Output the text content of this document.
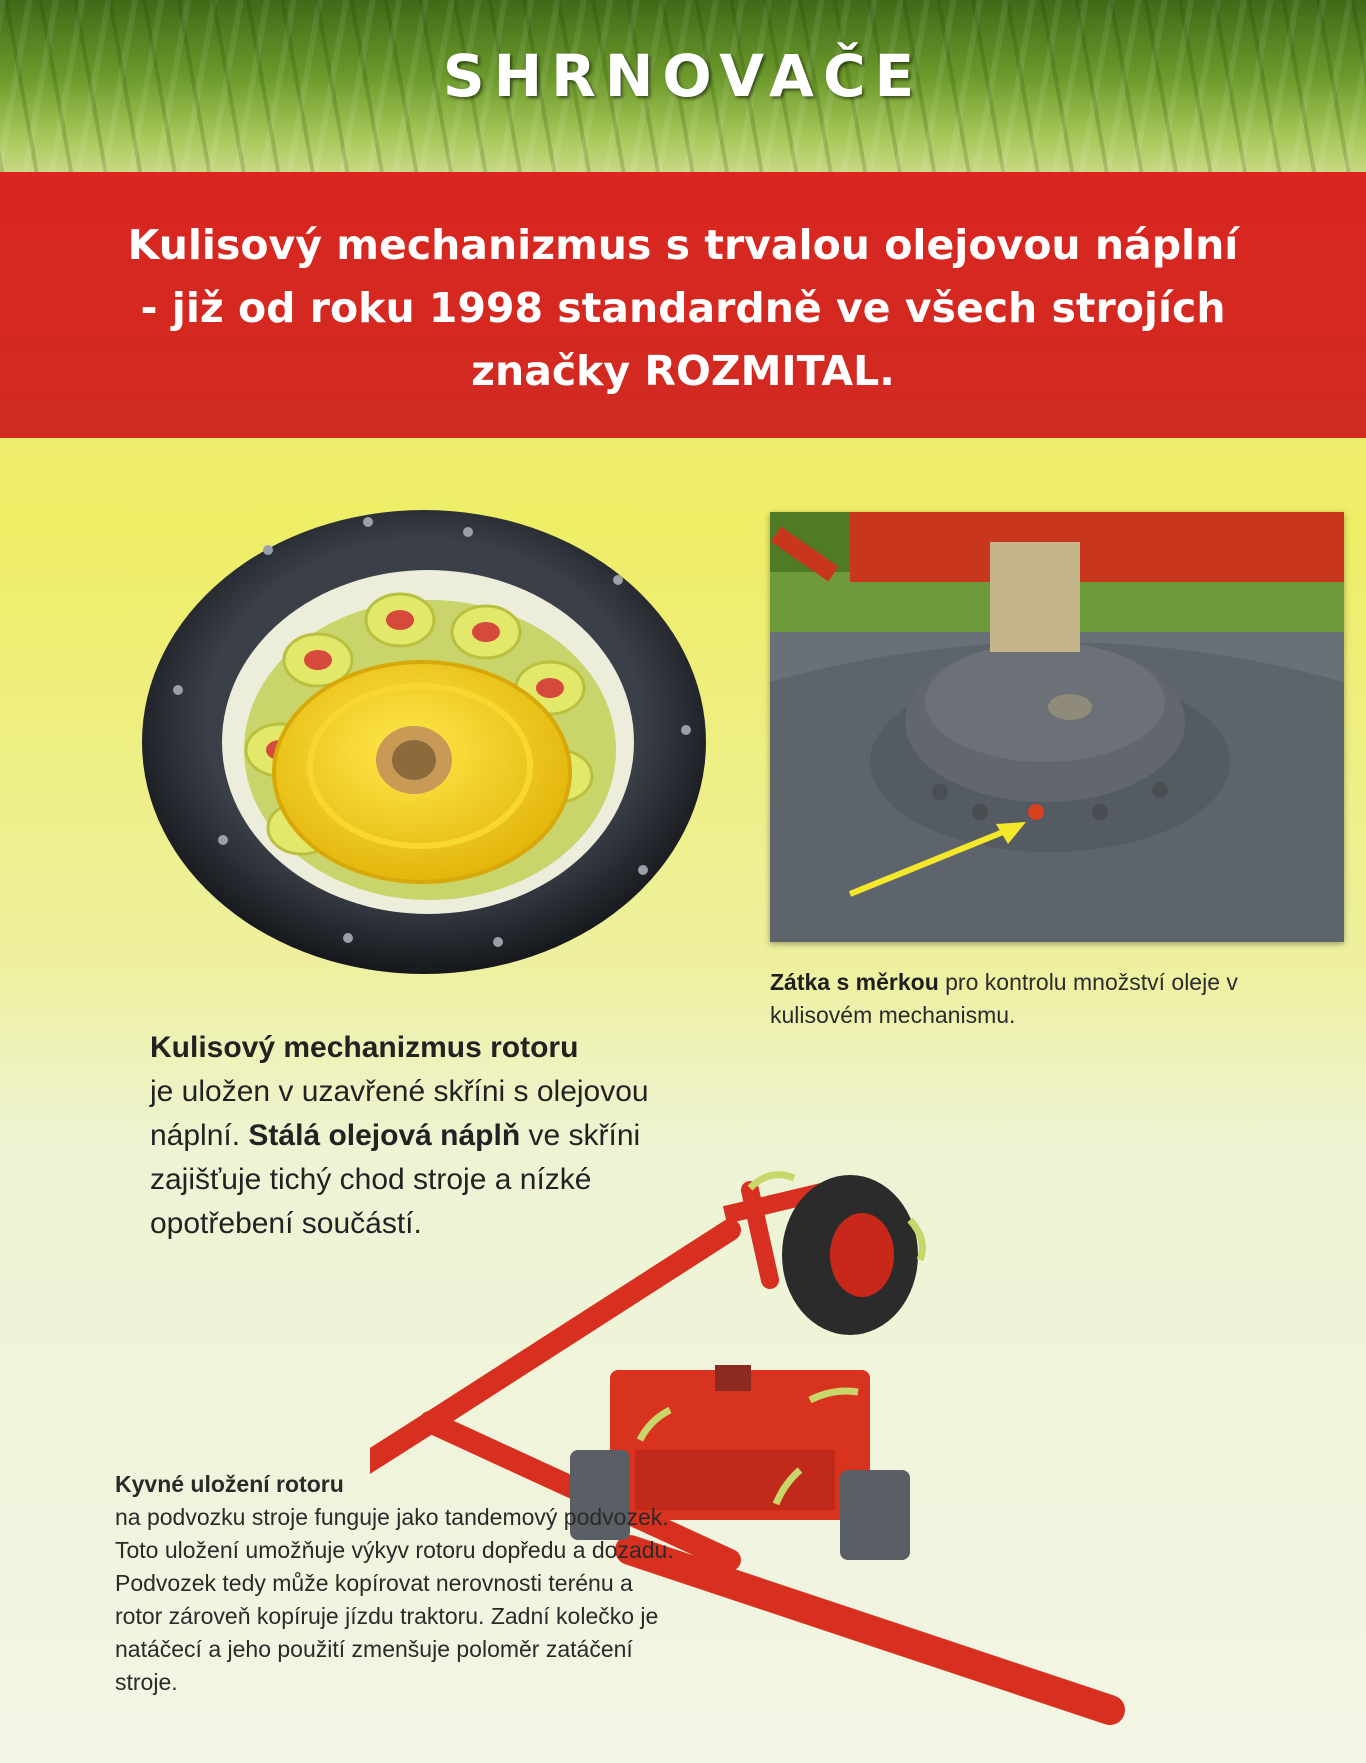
SHRNOVAČE
Kulisový mechanizmus s trvalou olejovou náplní
- již od roku 1998 standardně ve všech strojích
značky ROZMITAL.
Zátka s měrkou pro kontrolu množství oleje v kulisovém mechanismu.
Kulisový mechanizmus rotoru
je uložen v uzavřené skříni s olejovou náplní. Stálá olejová náplň ve skříni zajišťuje tichý chod stroje a nízké opotřebení součástí.
Kyvné uložení rotoru
na podvozku stroje funguje jako tandemový podvozek. Toto uložení umožňuje výkyv rotoru dopředu a dozadu. Podvozek tedy může kopírovat nerovnosti terénu a rotor zároveň kopíruje jízdu traktoru. Zadní kolečko je natáčecí a jeho použití zmenšuje poloměr zatáčení stroje.
